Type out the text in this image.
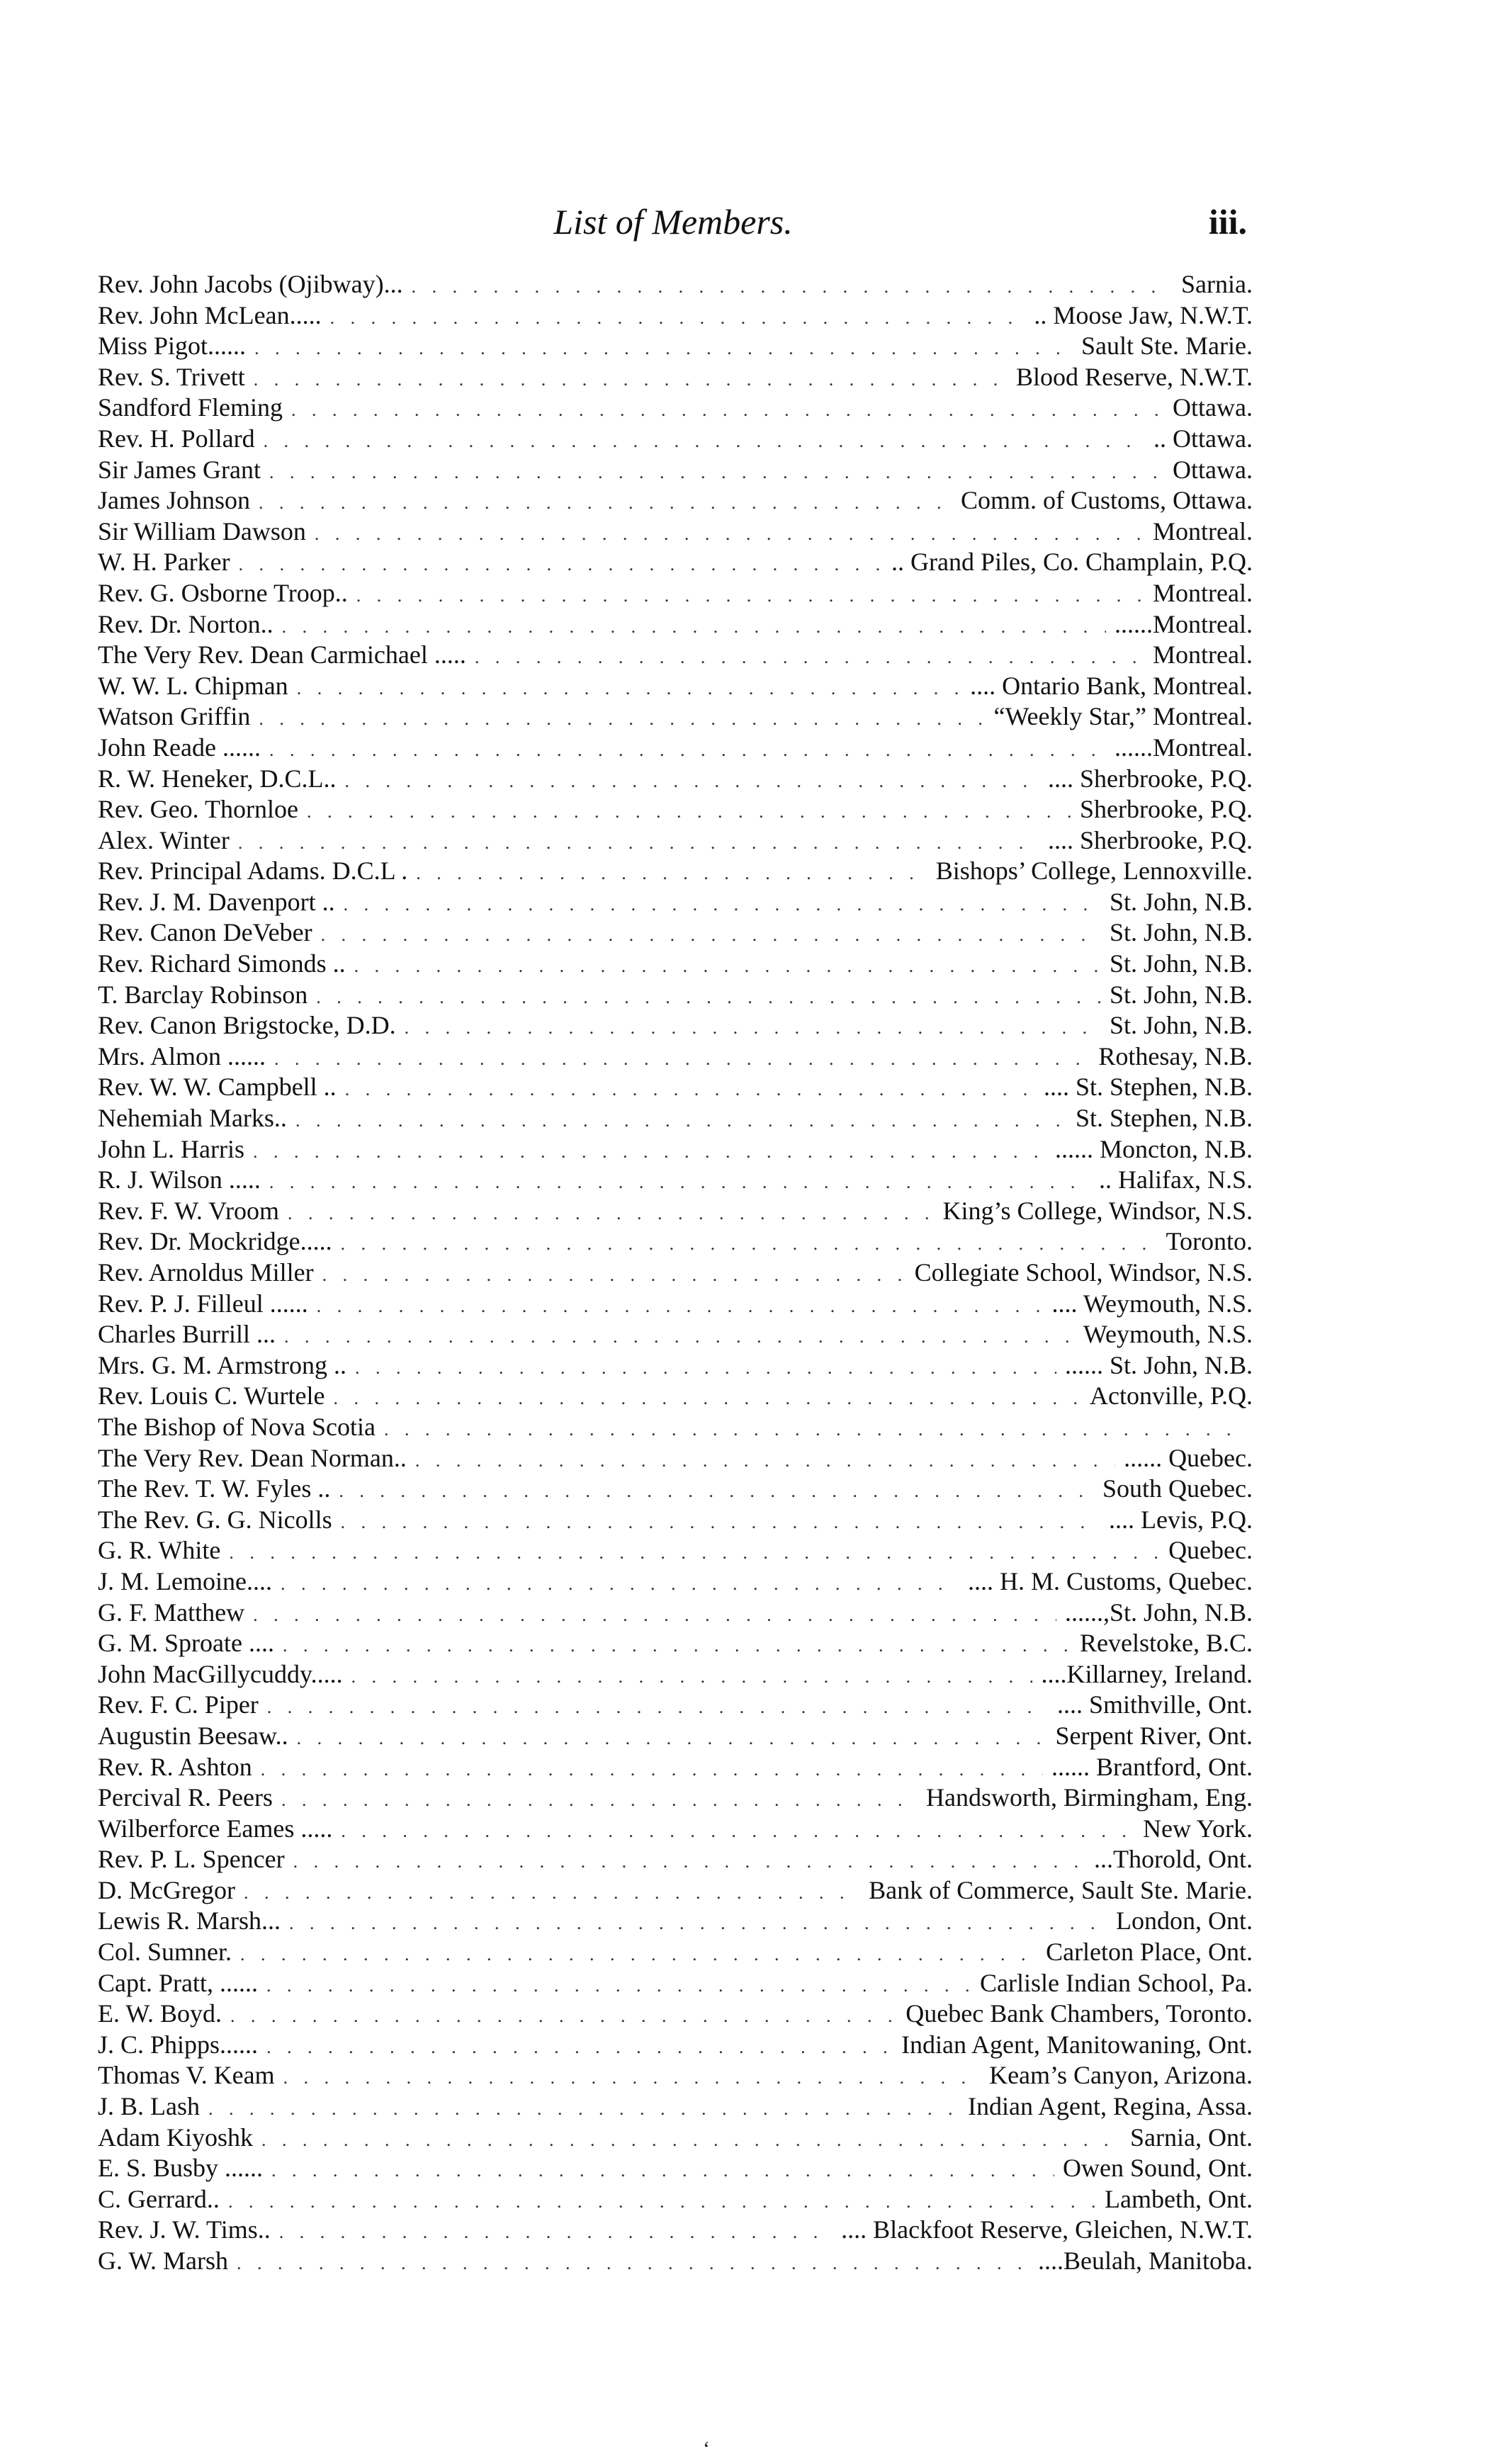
List of Members.	iii.
Rev. John Jacobs (Ojibway)... . . .	Sarnia.
Rev. John McLean..... . . .	.. Moose Jaw, N.W.T.
Miss Pigot...... . . .	Sault Ste. Marie.
Rev. S. Trivett . . .	Blood Reserve, N.W.T.
Sandford Fleming . . .	Ottawa.
Rev. H. Pollard . . .	.. Ottawa.
Sir James Grant . . .	Ottawa.
James Johnson . . .	Comm. of Customs, Ottawa.
Sir William Dawson . . .	Montreal.
W. H. Parker . . .	.. Grand Piles, Co. Champlain, P.Q.
Rev. G. Osborne Troop.. . . .	Montreal.
Rev. Dr. Norton.. . . .	......Montreal.
The Very Rev. Dean Carmichael ..... . . .	Montreal.
W. W. L. Chipman . . .	.... Ontario Bank, Montreal.
Watson Griffin . . .	“Weekly Star,” Montreal.
John Reade ...... . . .	......Montreal.
R. W. Heneker, D.C.L.. . . .	.... Sherbrooke, P.Q.
Rev. Geo. Thornloe . . .	Sherbrooke, P.Q.
Alex. Winter . . .	.... Sherbrooke, P.Q.
Rev. Principal Adams. D.C.L . . . .	Bishops’ College, Lennoxville.
Rev. J. M. Davenport .. . . .	St. John, N.B.
Rev. Canon DeVeber . . .	St. John, N.B.
Rev. Richard Simonds .. . . .	St. John, N.B.
T. Barclay Robinson . . .	St. John, N.B.
Rev. Canon Brigstocke, D.D. . . .	St. John, N.B.
Mrs. Almon ...... . . .	Rothesay, N.B.
Rev. W. W. Campbell .. . . .	.... St. Stephen, N.B.
Nehemiah Marks.. . . .	St. Stephen, N.B.
John L. Harris . . .	...... Moncton, N.B.
R. J. Wilson ..... . . .	.. Halifax, N.S.
Rev. F. W. Vroom . . .	King’s College, Windsor, N.S.
Rev. Dr. Mockridge..... . . .	Toronto.
Rev. Arnoldus Miller . . .	Collegiate School, Windsor, N.S.
Rev. P. J. Filleul ...... . . .	.... Weymouth, N.S.
Charles Burrill ... . . .	Weymouth, N.S.
Mrs. G. M. Armstrong .. . . .	...... St. John, N.B.
Rev. Louis C. Wurtele . . .	Actonville, P.Q.
The Bishop of Nova Scotia
. . .
The Very Rev. Dean Norman.. . . .	...... Quebec.
The Rev. T. W. Fyles .. . . .	South Quebec.
The Rev. G. G. Nicolls . . .	.... Levis, P.Q.
G. R. White . . .	Quebec.
J. M. Lemoine.... . . .	.... H. M. Customs, Quebec.
G. F. Matthew . . .	......,St. John, N.B.
G. M. Sproate .... . . .	Revelstoke, B.C.
John MacGillycuddy..... . . .	....Killarney, Ireland.
Rev. F. C. Piper . . .	.... Smithville, Ont.
Augustin Beesaw.. . . .	Serpent River, Ont.
Rev. R. Ashton . . .	...... Brantford, Ont.
Percival R. Peers . . .	Handsworth, Birmingham, Eng.
Wilberforce Eames ..... . . .	New York.
Rev. P. L. Spencer . . .	...Thorold, Ont.
D. McGregor . . .	Bank of Commerce, Sault Ste. Marie.
Lewis R. Marsh... . . .	London, Ont.
Col. Sumner. . . .	Carleton Place, Ont.
Capt. Pratt, ...... . . .	Carlisle Indian School, Pa.
E. W. Boyd. . . .	Quebec Bank Chambers, Toronto.
J. C. Phipps...... . . .	Indian Agent, Manitowaning, Ont.
Thomas V. Keam . . .	Keam’s Canyon, Arizona.
J. B. Lash . . .	Indian Agent, Regina, Assa.
Adam Kiyoshk . . .	Sarnia, Ont.
E. S. Busby ...... . . .	Owen Sound, Ont.
C. Gerrard.. . . .	Lambeth, Ont.
Rev. J. W. Tims.. . . .	.... Blackfoot Reserve, Gleichen, N.W.T.
G. W. Marsh . . .	....Beulah, Manitoba.
‘
